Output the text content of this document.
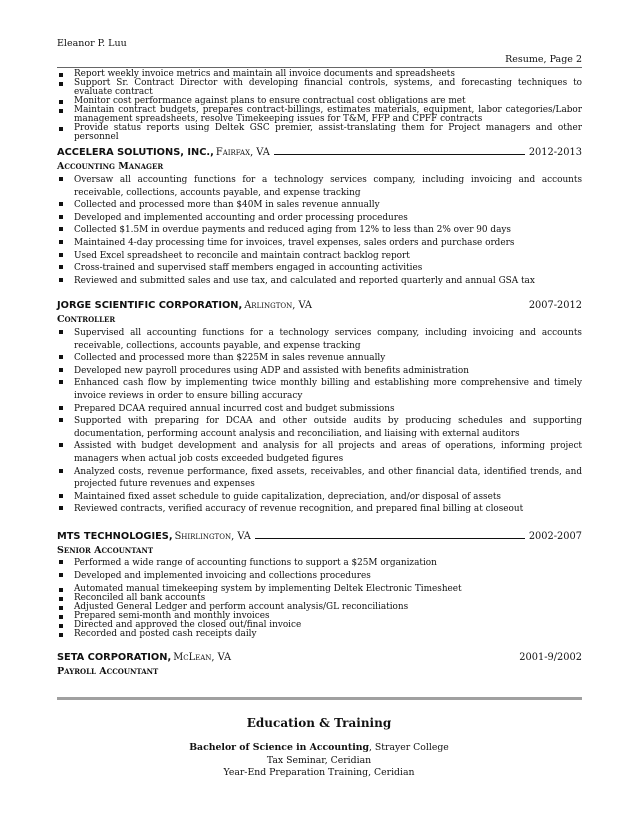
Eleanor P. Luu
Resume, Page 2
Report weekly invoice metrics and maintain all invoice documents and spreadsheets
Support Sr. Contract Director with developing financial controls, systems, and forecasting techniques to evaluate contract
Monitor cost performance against plans to ensure contractual cost obligations are met
Maintain contract budgets, prepares contract-billings, estimates materials, equipment, labor categories/Labor management spreadsheets, resolve Timekeeping issues for T&M, FFP and CPFF contracts
Provide status reports using Deltek GSC premier, assist-translating them for Project managers and other personnel
ACCELERA SOLUTIONS, INC., Fairfax, VA	2012-2013
Accounting Manager
Oversaw all accounting functions for a technology services company, including invoicing and accounts receivable, collections, accounts payable, and expense tracking
Collected and processed more than $40M in sales revenue annually
Developed and implemented accounting and order processing procedures
Collected $1.5M in overdue payments and reduced aging from 12% to less than 2% over 90 days
Maintained 4-day processing time for invoices, travel expenses, sales orders and purchase orders
Used Excel spreadsheet to reconcile and maintain contract backlog report
Cross-trained and supervised staff members engaged in accounting activities
Reviewed and submitted sales and use tax, and calculated and reported quarterly and annual GSA tax
JORGE SCIENTIFIC CORPORATION, Arlington, VA	2007-2012
Controller
Supervised all accounting functions for a technology services company, including invoicing and accounts receivable, collections, accounts payable, and expense tracking
Collected and processed more than $225M in sales revenue annually
Developed new payroll procedures using ADP and assisted with benefits administration
Enhanced cash flow by implementing twice monthly billing and establishing more comprehensive and timely invoice reviews in order to ensure billing accuracy
Prepared DCAA required annual incurred cost and budget submissions
Supported with preparing for DCAA and other outside audits by producing schedules and supporting documentation, performing account analysis and reconciliation, and liaising with external auditors
Assisted with budget development and analysis for all projects and areas of operations, informing project managers when actual job costs exceeded budgeted figures
Analyzed costs, revenue performance, fixed assets, receivables, and other financial data, identified trends, and projected future revenues and expenses
Maintained fixed asset schedule to guide capitalization, depreciation, and/or disposal of assets
Reviewed contracts, verified accuracy of revenue recognition, and prepared final billing at closeout
MTS TECHNOLOGIES, Shirlington, VA	2002-2007
Senior Accountant
Performed a wide range of accounting functions to support a $25M organization
Developed and implemented invoicing and collections procedures
Automated manual timekeeping system by implementing Deltek Electronic Timesheet
Reconciled all bank accounts
Adjusted General Ledger and perform account analysis/GL reconciliations
Prepared semi-month and monthly invoices
Directed and approved the closed out/final invoice
Recorded and posted cash receipts daily
SETA CORPORATION, McLean, VA	2001-9/2002
Payroll Accountant
Education & Training
Bachelor of Science in Accounting, Strayer College
Tax Seminar, Ceridian
Year-End Preparation Training, Ceridian
